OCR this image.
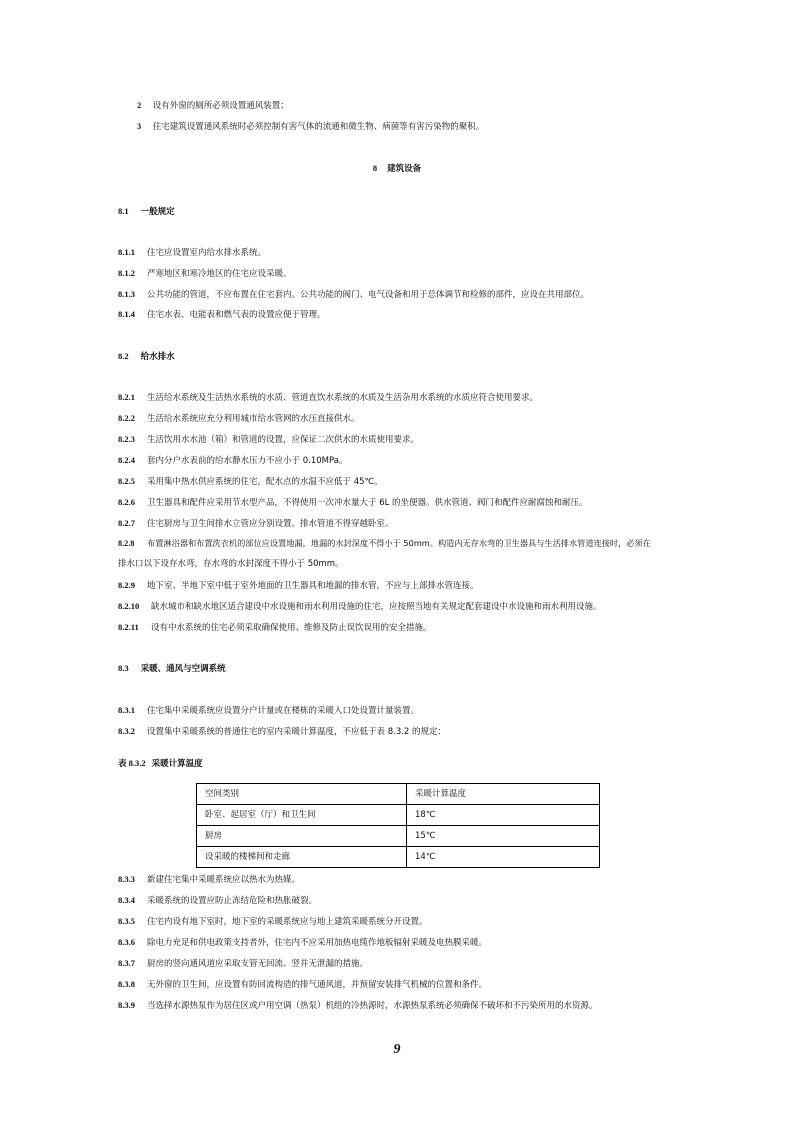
2 设有外窗的厕所必须设置通风装置；
3 住宅建筑设置通风系统时必须控制有害气体的流通和微生物、病菌等有害污染物的聚积。
8 建筑设备
8.1 一般规定
8.1.1 住宅应设置室内给水排水系统。
8.1.2 严寒地区和寒冷地区的住宅应设采暖。
8.1.3 公共功能的管道，不应布置在住宅套内。公共功能的阀门、电气设备和用于总体调节和检修的部件，应设在共用部位。
8.1.4 住宅水表、电能表和燃气表的设置应便于管理。
8.2 给水排水
8.2.1 生活给水系统及生活热水系统的水质、管道直饮水系统的水质及生活杂用水系统的水质应符合使用要求。
8.2.2 生活给水系统应充分利用城市给水管网的水压直接供水。
8.2.3 生活饮用水水池（箱）和管道的设置，应保证二次供水的水质使用要求。
8.2.4 套内分户水表前的给水静水压力不应小于 0.10MPa。
8.2.5 采用集中热水供应系统的住宅，配水点的水温不应低于 45℃。
8.2.6 卫生器具和配件应采用节水型产品，不得使用一次冲水量大于 6L 的坐便器。供水管道、阀门和配件应耐腐蚀和耐压。
8.2.7 住宅厨房与卫生间排水立管应分别设置。排水管道不得穿越卧室。
8.2.8 布置淋浴器和布置洗衣机的部位应设置地漏，地漏的水封深度不得小于 50mm。构造内无存水弯的卫生器具与生活排水管道连接时，必须在
排水口以下设存水弯，存水弯的水封深度不得小于 50mm。
8.2.9 地下室、半地下室中低于室外地面的卫生器具和地漏的排水管，不应与上部排水管连接。
8.2.10 缺水城市和缺水地区适合建设中水设施和雨水利用设施的住宅，应按照当地有关规定配套建设中水设施和雨水利用设施。
8.2.11 设有中水系统的住宅必须采取确保使用、维修及防止误饮误用的安全措施。
8.3 采暖、通风与空调系统
8.3.1 住宅集中采暖系统应设置分户计量或在楼栋的采暖入口处设置计量装置。
8.3.2 设置集中采暖系统的普通住宅的室内采暖计算温度，不应低于表 8.3.2 的规定：
表 8.3.2 采暖计算温度
空间类别	采暖计算温度
卧室、起居室（厅）和卫生间	18℃
厨房	15℃
设采暖的楼梯间和走廊	14℃
8.3.3 新建住宅集中采暖系统应以热水为热媒。
8.3.4 采暖系统的设置应防止冻结危险和热胀破裂。
8.3.5 住宅内设有地下室时，地下室的采暖系统应与地上建筑采暖系统分开设置。
8.3.6 除电力充足和供电政策支持者外，住宅内不应采用加热电缆作地板辐射采暖及电热膜采暖。
8.3.7 厨房的竖向通风道应采取支管无回流、竖井无泄漏的措施。
8.3.8 无外窗的卫生间，应设置有防回流构造的排气通风道，并预留安装排气机械的位置和条件。
8.3.9 当选择水源热泵作为居住区或户用空调（热泵）机组的冷热源时，水源热泵系统必须确保不破坏和不污染所用的水资源。
9
